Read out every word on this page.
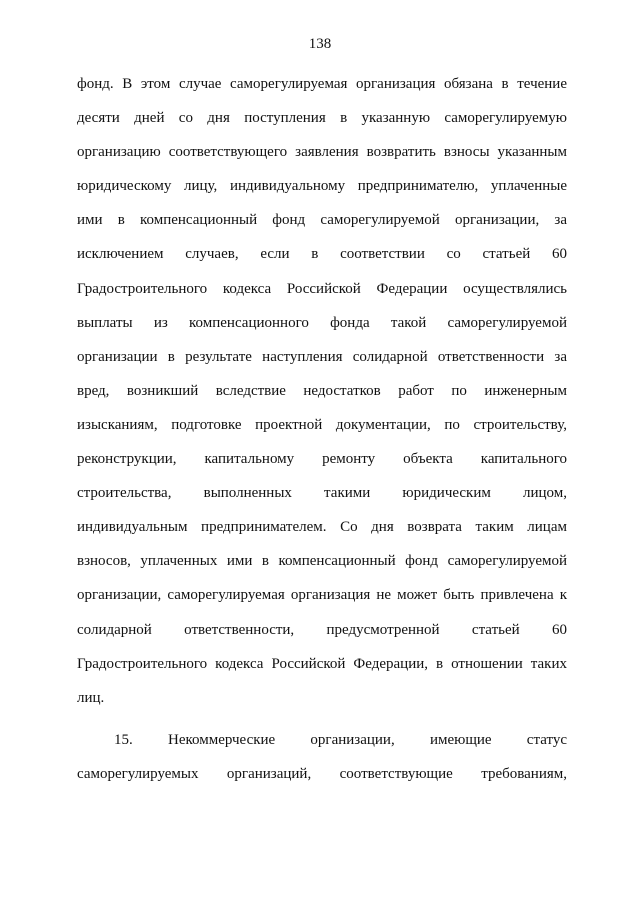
138
фонд. В этом случае саморегулируемая организация обязана в течение
десяти дней со дня поступления в указанную саморегулируемую
организацию соответствующего заявления возвратить взносы указанным
юридическому лицу, индивидуальному предпринимателю, уплаченные
ими в компенсационный фонд саморегулируемой организации, за
исключением случаев, если в соответствии со статьей 60
Градостроительного кодекса Российской Федерации осуществлялись
выплаты из компенсационного фонда такой саморегулируемой
организации в результате наступления солидарной ответственности за
вред, возникший вследствие недостатков работ по инженерным
изысканиям, подготовке проектной документации, по строительству,
реконструкции, капитальному ремонту объекта капитального
строительства, выполненных такими юридическим лицом,
индивидуальным предпринимателем. Со дня возврата таким лицам
взносов, уплаченных ими в компенсационный фонд саморегулируемой
организации, саморегулируемая организация не может быть привлечена к
солидарной ответственности, предусмотренной статьей 60
Градостроительного кодекса Российской Федерации, в отношении таких
лиц.
15. Некоммерческие организации, имеющие статус
саморегулируемых организаций, соответствующие требованиям,
